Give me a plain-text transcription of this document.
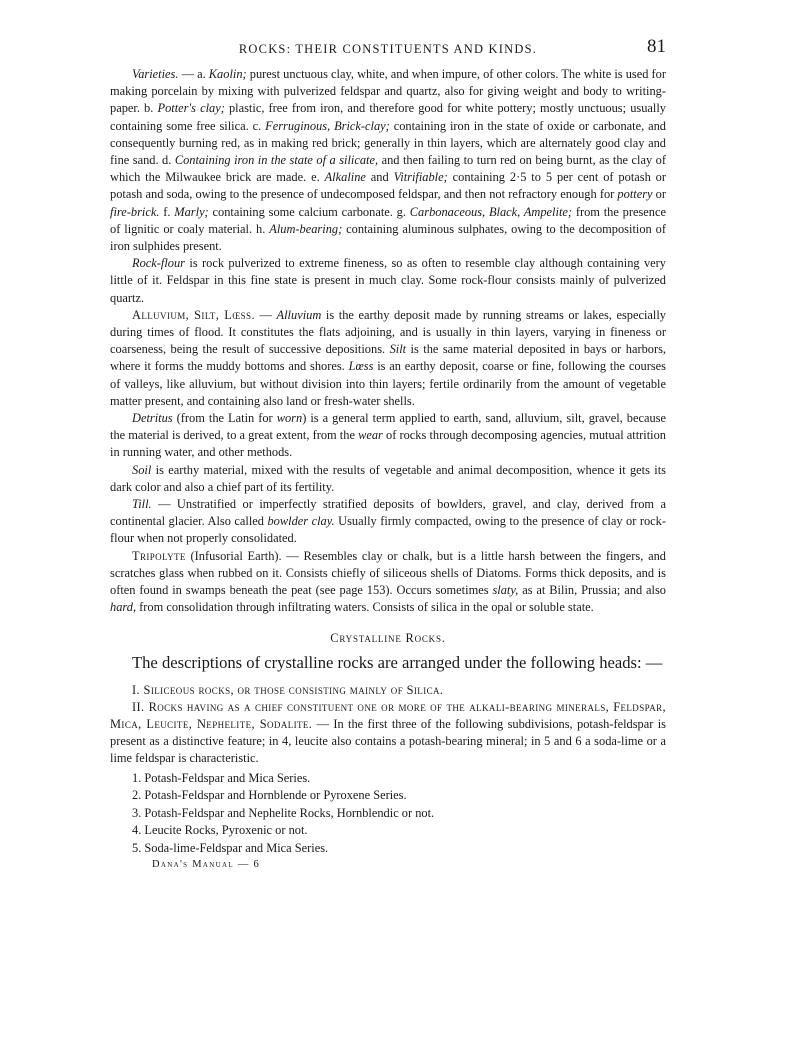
ROCKS: THEIR CONSTITUENTS AND KINDS.	81

Varieties. — a. Kaolin; purest unctuous clay, white, and when impure, of other colors. The white is used for making porcelain by mixing with pulverized feldspar and quartz, also for giving weight and body to writing-paper. b. Potter's clay; plastic, free from iron, and therefore good for white pottery; mostly unctuous; usually containing some free silica. c. Ferruginous, Brick-clay; containing iron in the state of oxide or carbonate, and consequently burning red, as in making red brick; generally in thin layers, which are alternately good clay and fine sand. d. Containing iron in the state of a silicate, and then failing to turn red on being burnt, as the clay of which the Milwaukee brick are made. e. Alkaline and Vitrifiable; containing 2·5 to 5 per cent of potash or potash and soda, owing to the presence of undecomposed feldspar, and then not refractory enough for pottery or fire-brick. f. Marly; containing some calcium carbonate. g. Carbonaceous, Black, Ampelite; from the presence of lignitic or coaly material. h. Alum-bearing; containing aluminous sulphates, owing to the decomposition of iron sulphides present.

Rock-flour is rock pulverized to extreme fineness, so as often to resemble clay although containing very little of it. Feldspar in this fine state is present in much clay. Some rock-flour consists mainly of pulverized quartz.

Alluvium, Silt, Lœss. — Alluvium is the earthy deposit made by running streams or lakes, especially during times of flood. It constitutes the flats adjoining, and is usually in thin layers, varying in fineness or coarseness, being the result of successive depositions. Silt is the same material deposited in bays or harbors, where it forms the muddy bottoms and shores. Lœss is an earthy deposit, coarse or fine, following the courses of valleys, like alluvium, but without division into thin layers; fertile ordinarily from the amount of vegetable matter present, and containing also land or fresh-water shells.

Detritus (from the Latin for worn) is a general term applied to earth, sand, alluvium, silt, gravel, because the material is derived, to a great extent, from the wear of rocks through decomposing agencies, mutual attrition in running water, and other methods.

Soil is earthy material, mixed with the results of vegetable and animal decomposition, whence it gets its dark color and also a chief part of its fertility.

Till. — Unstratified or imperfectly stratified deposits of bowlders, gravel, and clay, derived from a continental glacier. Also called bowlder clay. Usually firmly compacted, owing to the presence of clay or rock-flour when not properly consolidated.

Tripolyte (Infusorial Earth). — Resembles clay or chalk, but is a little harsh between the fingers, and scratches glass when rubbed on it. Consists chiefly of siliceous shells of Diatoms. Forms thick deposits, and is often found in swamps beneath the peat (see page 153). Occurs sometimes slaty, as at Bilin, Prussia; and also hard, from consolidation through infiltrating waters. Consists of silica in the opal or soluble state.

Crystalline Rocks.

The descriptions of crystalline rocks are arranged under the following heads: —

I. Siliceous rocks, or those consisting mainly of Silica.

II. Rocks having as a chief constituent one or more of the alkali-bearing minerals, Feldspar, Mica, Leucite, Nephelite, Sodalite. — In the first three of the following subdivisions, potash-feldspar is present as a distinctive feature; in 4, leucite also contains a potash-bearing mineral; in 5 and 6 a soda-lime or a lime feldspar is characteristic.

1. Potash-Feldspar and Mica Series.
2. Potash-Feldspar and Hornblende or Pyroxene Series.
3. Potash-Feldspar and Nephelite Rocks, Hornblendic or not.
4. Leucite Rocks, Pyroxenic or not.
5. Soda-lime-Feldspar and Mica Series.
Dana's Manual — 6
